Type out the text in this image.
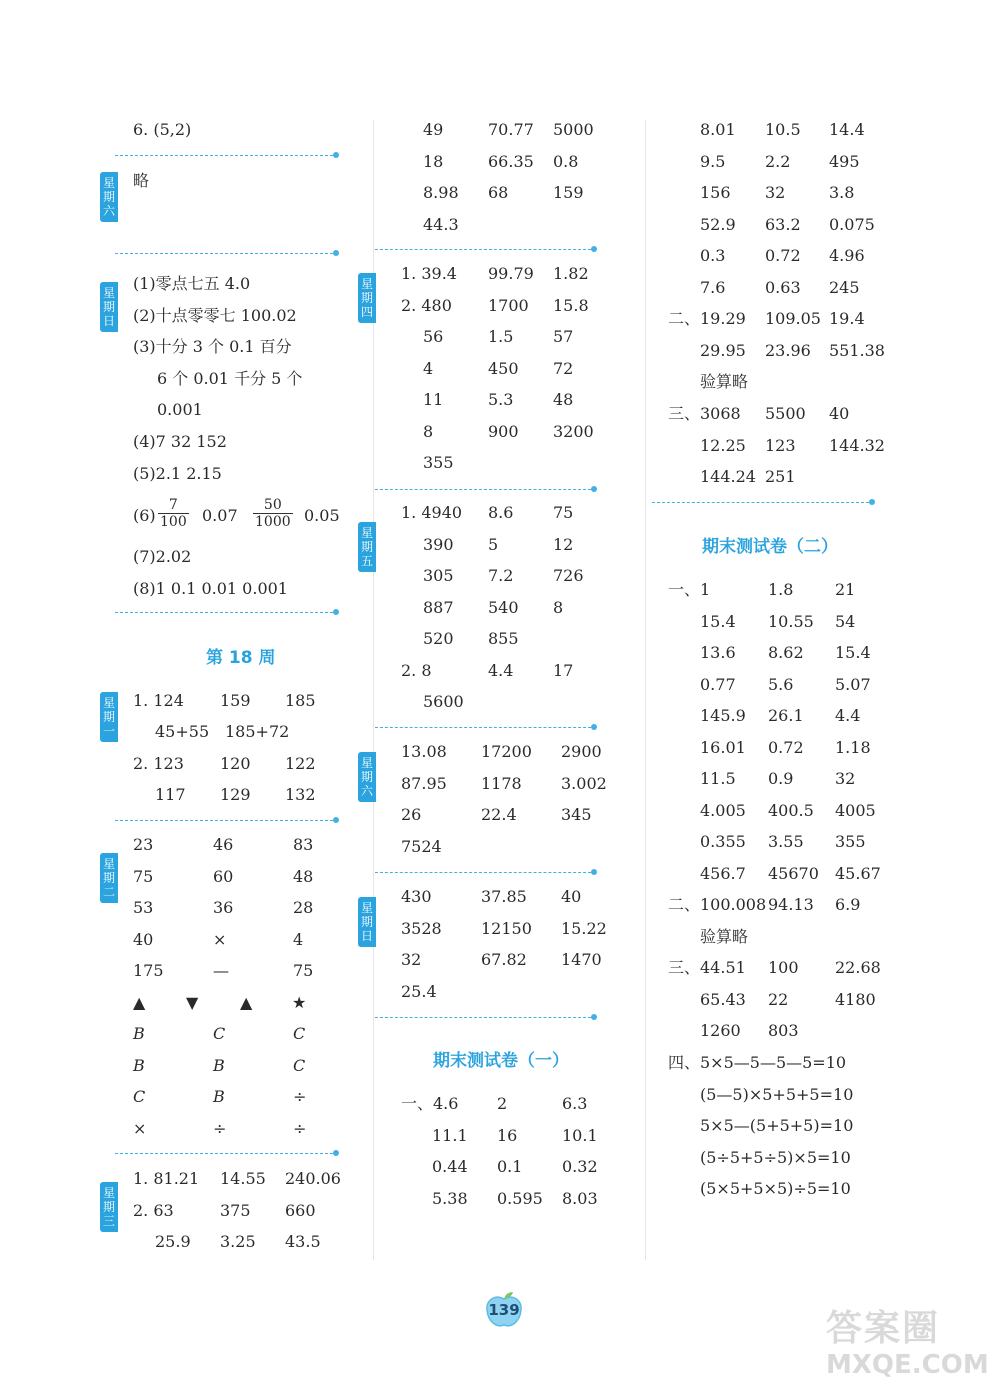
6. (5,2)
星
期
六
略
星
期
日
(1)零点七五 4.0
(2)十点零零七 100.02
(3)十分 3 个 0.1 百分
6 个 0.01 千分 5 个
0.001
(4)7 32 152
(5)2.1 2.15
$(6) \frac{7}{100} 0.07 \frac{50}{1000} 0.05$
(7)2.02
(8)1 0.1 0.01 0.001
第 18 周
星
期
一
1. 124 159 185
45+55 185+72
2. 123 120 122
117 129 132
星
期
二
23	46	83
75	60	48
53	36	28
40	×	4
175	—	75
▲	▼	▲ ★
B	C	C
B	B	C
C	B	÷
×	÷	÷
星
期
三
1. 81.21 14.55 240.06
2. 63	375 660
25.9 3.25 43.5
49	70.77 5000
18	66.35 0.8
8.98 68	159
44.3
星
期
四
1. 39.4 99.79 1.82
2. 480 1700 15.8
56	1.5 57
4	450 72
11	5.3 48
8	900 3200
355
星
期
五
1. 4940 8.6 75
390 5	12
305 7.2 726
887 540 8
520 855
2. 8	4.4 17
5600
星
期
六
13.08 17200 2900
87.95 1178 3.002
26	22.4	345
7524
星
期
日
430	37.85 40
3528 12150 15.22
32	67.82 1470
25.4
期末测试卷（一）
一、4.6 2	6.3
11.1 16	10.1
0.44 0.1 0.32
5.38 0.595 8.03
8.01 10.5 14.4
9.5 2.2 495
156 32	3.8
52.9 63.2 0.075
0.3 0.72 4.96
7.6 0.63 245
二、19.29 109.05 19.4
29.95 23.96 551.38
验算略
三、3068 5500 40
12.25 123 144.32
144.24 251
期末测试卷（二）
一、1	1.8	21
15.4 10.55 54
13.6 8.62 15.4
0.77 5.6	5.07
145.9 26.1 4.4
16.01 0.72 1.18
11.5 0.9	32
4.005 400.5 4005
0.355 3.55 355
456.7 45670 45.67
二、100.008 94.13 6.9
验算略
三、44.51 100 22.68
65.43 22	4180
1260 803
四、5×5—5—5—5=10
(5—5)×5+5+5=10
5×5—(5+5+5)=10
(5÷5+5÷5)×5=10
(5×5+5×5)÷5=10
139	答案圈
MXQE.COM
